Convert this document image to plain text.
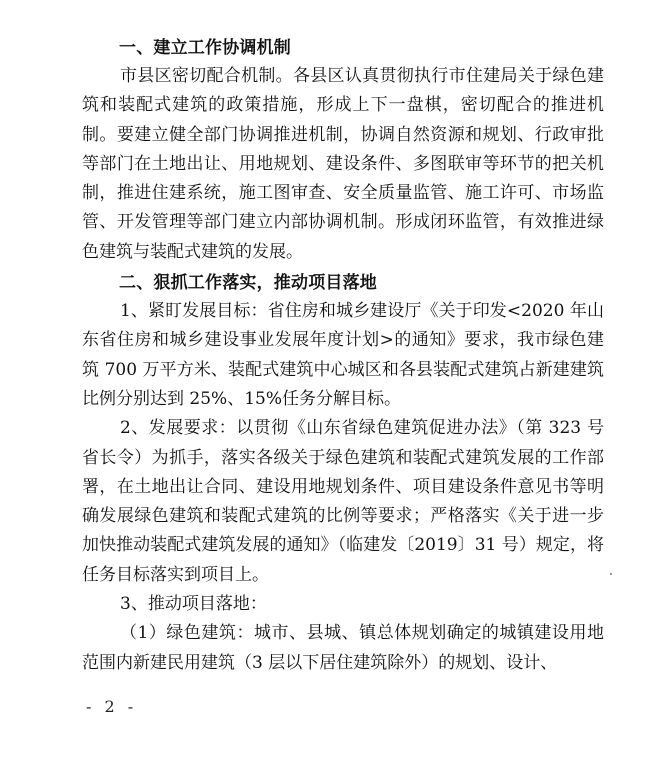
一、建立工作协调机制

市县区密切配合机制。各县区认真贯彻执行市住建局关于绿色建筑和装配式建筑的政策措施，形成上下一盘棋，密切配合的推进机制。要建立健全部门协调推进机制，协调自然资源和规划、行政审批等部门在土地出让、用地规划、建设条件、多图联审等环节的把关机制，推进住建系统，施工图审查、安全质量监管、施工许可、市场监管、开发管理等部门建立内部协调机制。形成闭环监管，有效推进绿色建筑与装配式建筑的发展。

二、狠抓工作落实，推动项目落地

1、紧盯发展目标：省住房和城乡建设厅《关于印发<2020 年山东省住房和城乡建设事业发展年度计划>的通知》要求，我市绿色建筑 700 万平方米、装配式建筑中心城区和各县装配式建筑占新建建筑比例分别达到 25%、15%任务分解目标。

2、发展要求：以贯彻《山东省绿色建筑促进办法》（第 323 号省长令）为抓手，落实各级关于绿色建筑和装配式建筑发展的工作部署，在土地出让合同、建设用地规划条件、项目建设条件意见书等明确发展绿色建筑和装配式建筑的比例等要求；严格落实《关于进一步加快推动装配式建筑发展的通知》（临建发〔2019〕31 号）规定，将任务目标落实到项目上。

3、推动项目落地：

（1）绿色建筑：城市、县城、镇总体规划确定的城镇建设用地范围内新建民用建筑（3 层以下居住建筑除外）的规划、设计、

- 2 -
